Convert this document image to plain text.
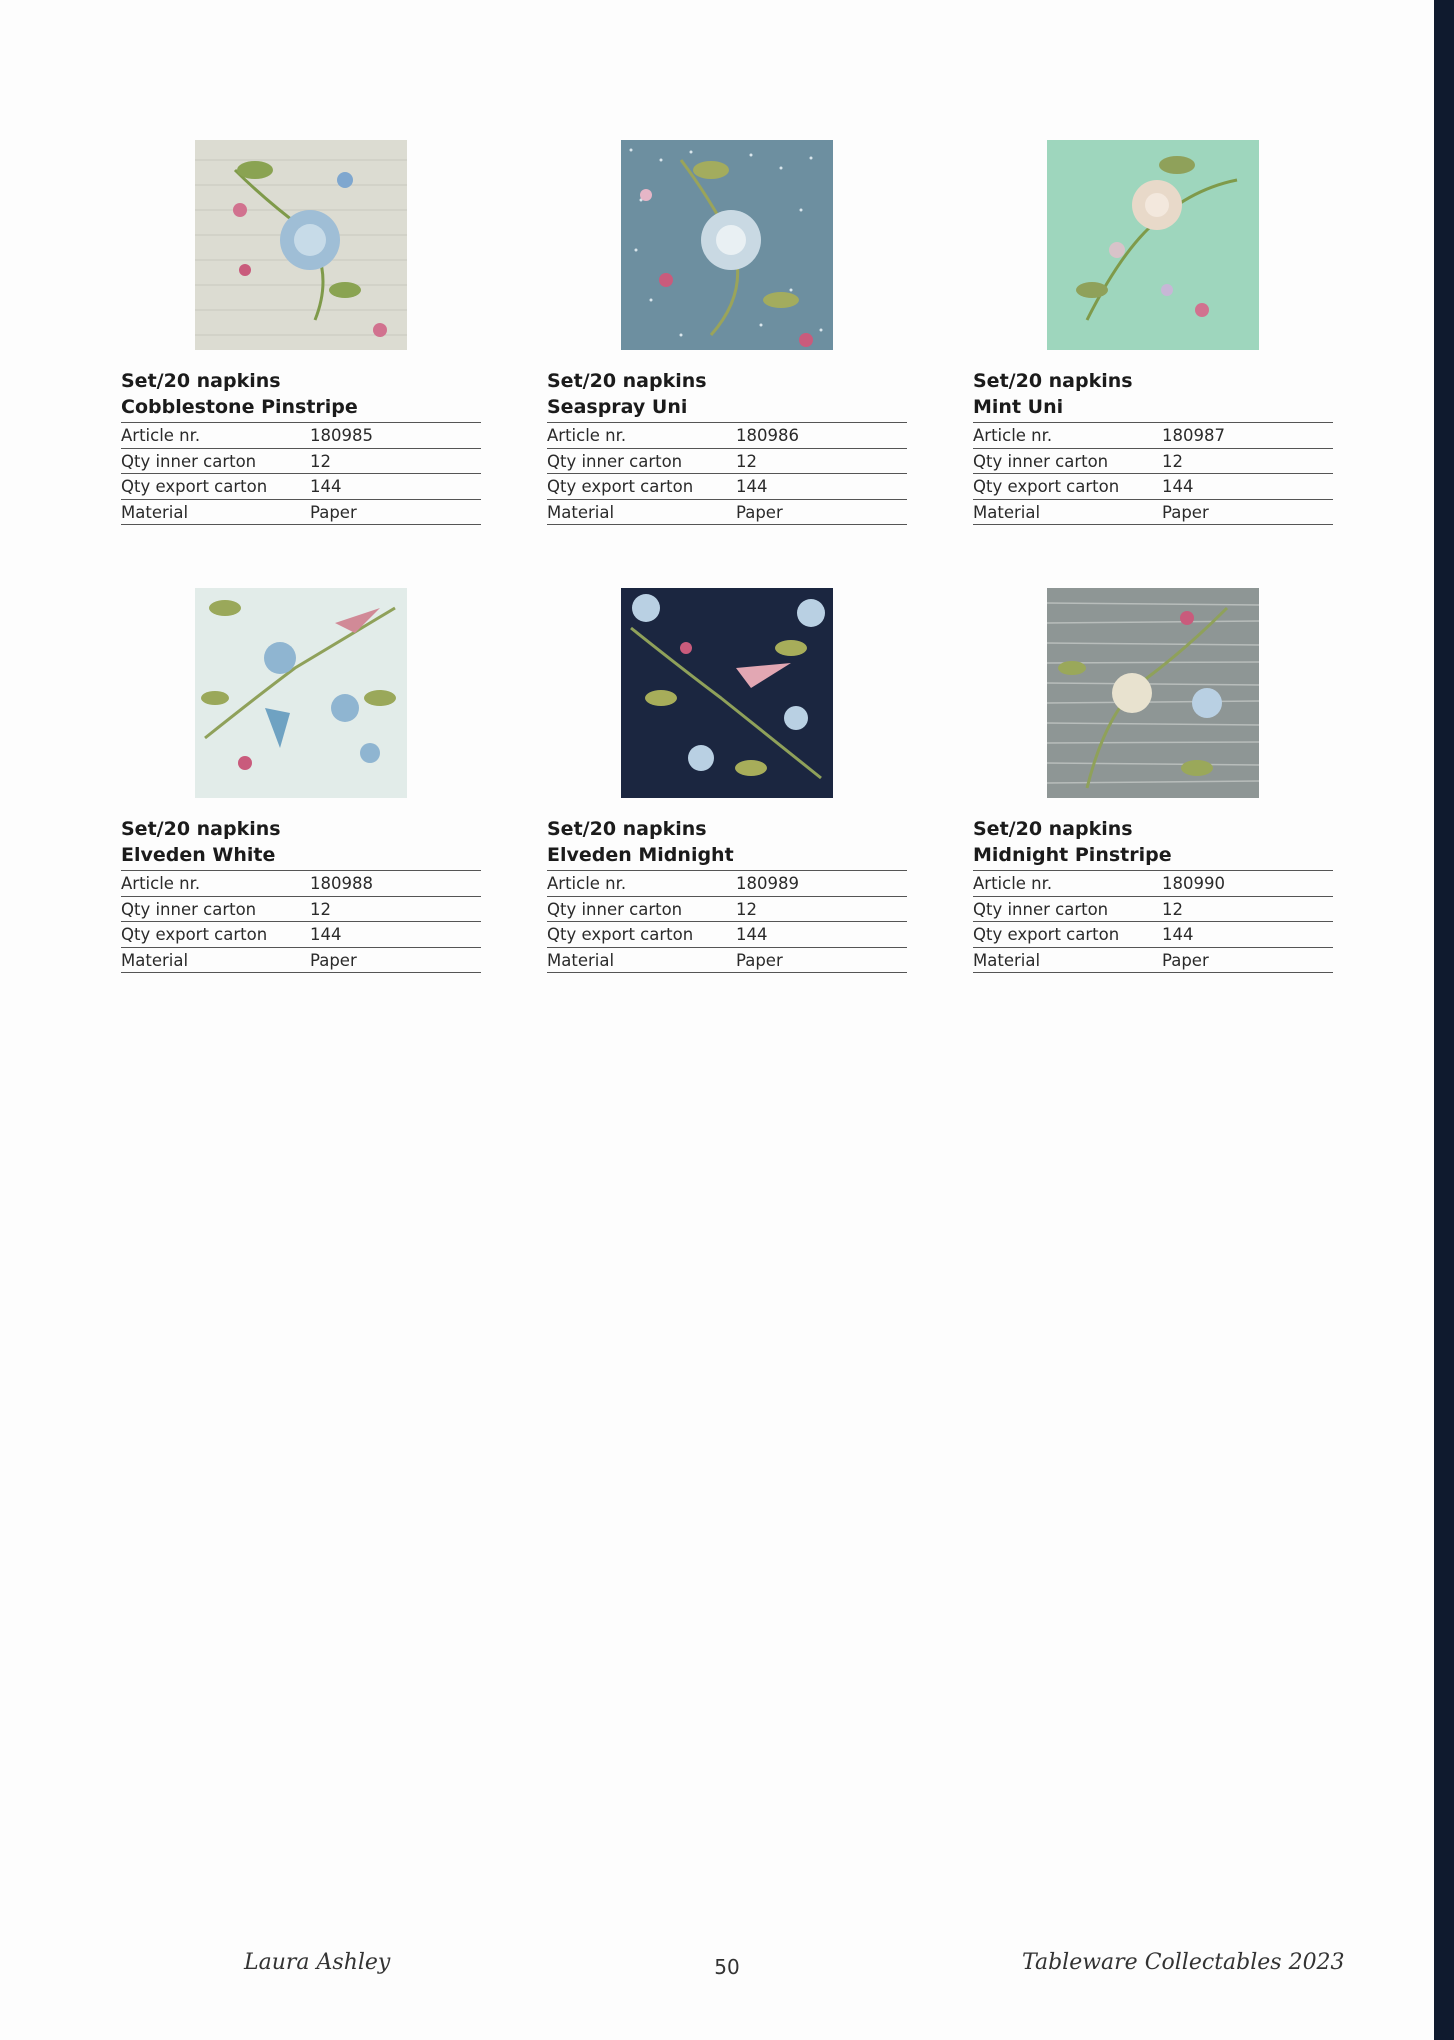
Set/20 napkins
Cobblestone Pinstripe
Article nr.	180985
Qty inner carton	12
Qty export carton	144
Material	Paper
Set/20 napkins
Seaspray Uni
Article nr.	180986
Qty inner carton	12
Qty export carton	144
Material	Paper
Set/20 napkins
Mint Uni
Article nr.	180987
Qty inner carton	12
Qty export carton	144
Material	Paper
Set/20 napkins
Elveden White
Article nr.	180988
Qty inner carton	12
Qty export carton	144
Material	Paper
Set/20 napkins
Elveden Midnight
Article nr.	180989
Qty inner carton	12
Qty export carton	144
Material	Paper
Set/20 napkins
Midnight Pinstripe
Article nr.	180990
Qty inner carton	12
Qty export carton	144
Material	Paper
Laura Ashley	50	Tableware Collectables 2023
